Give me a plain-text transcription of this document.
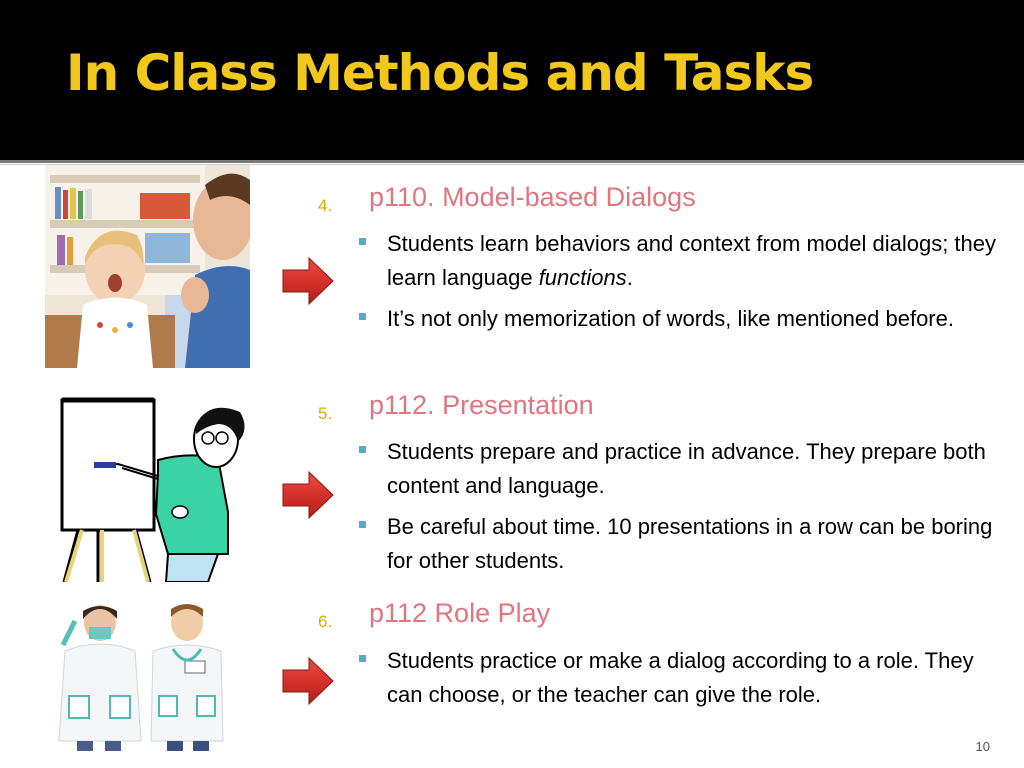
In Class Methods and Tasks
4. p110. Model-based Dialogs
Students learn behaviors and context from model dialogs; they learn language functions.
It’s not only memorization of words, like mentioned before.
5. p112. Presentation
Students prepare and practice in advance. They prepare both content and language.
Be careful about time. 10 presentations in a row can be boring for other students.
6. p112 Role Play
Students practice or make a dialog according to a role. They can choose, or the teacher can give the role.
10
